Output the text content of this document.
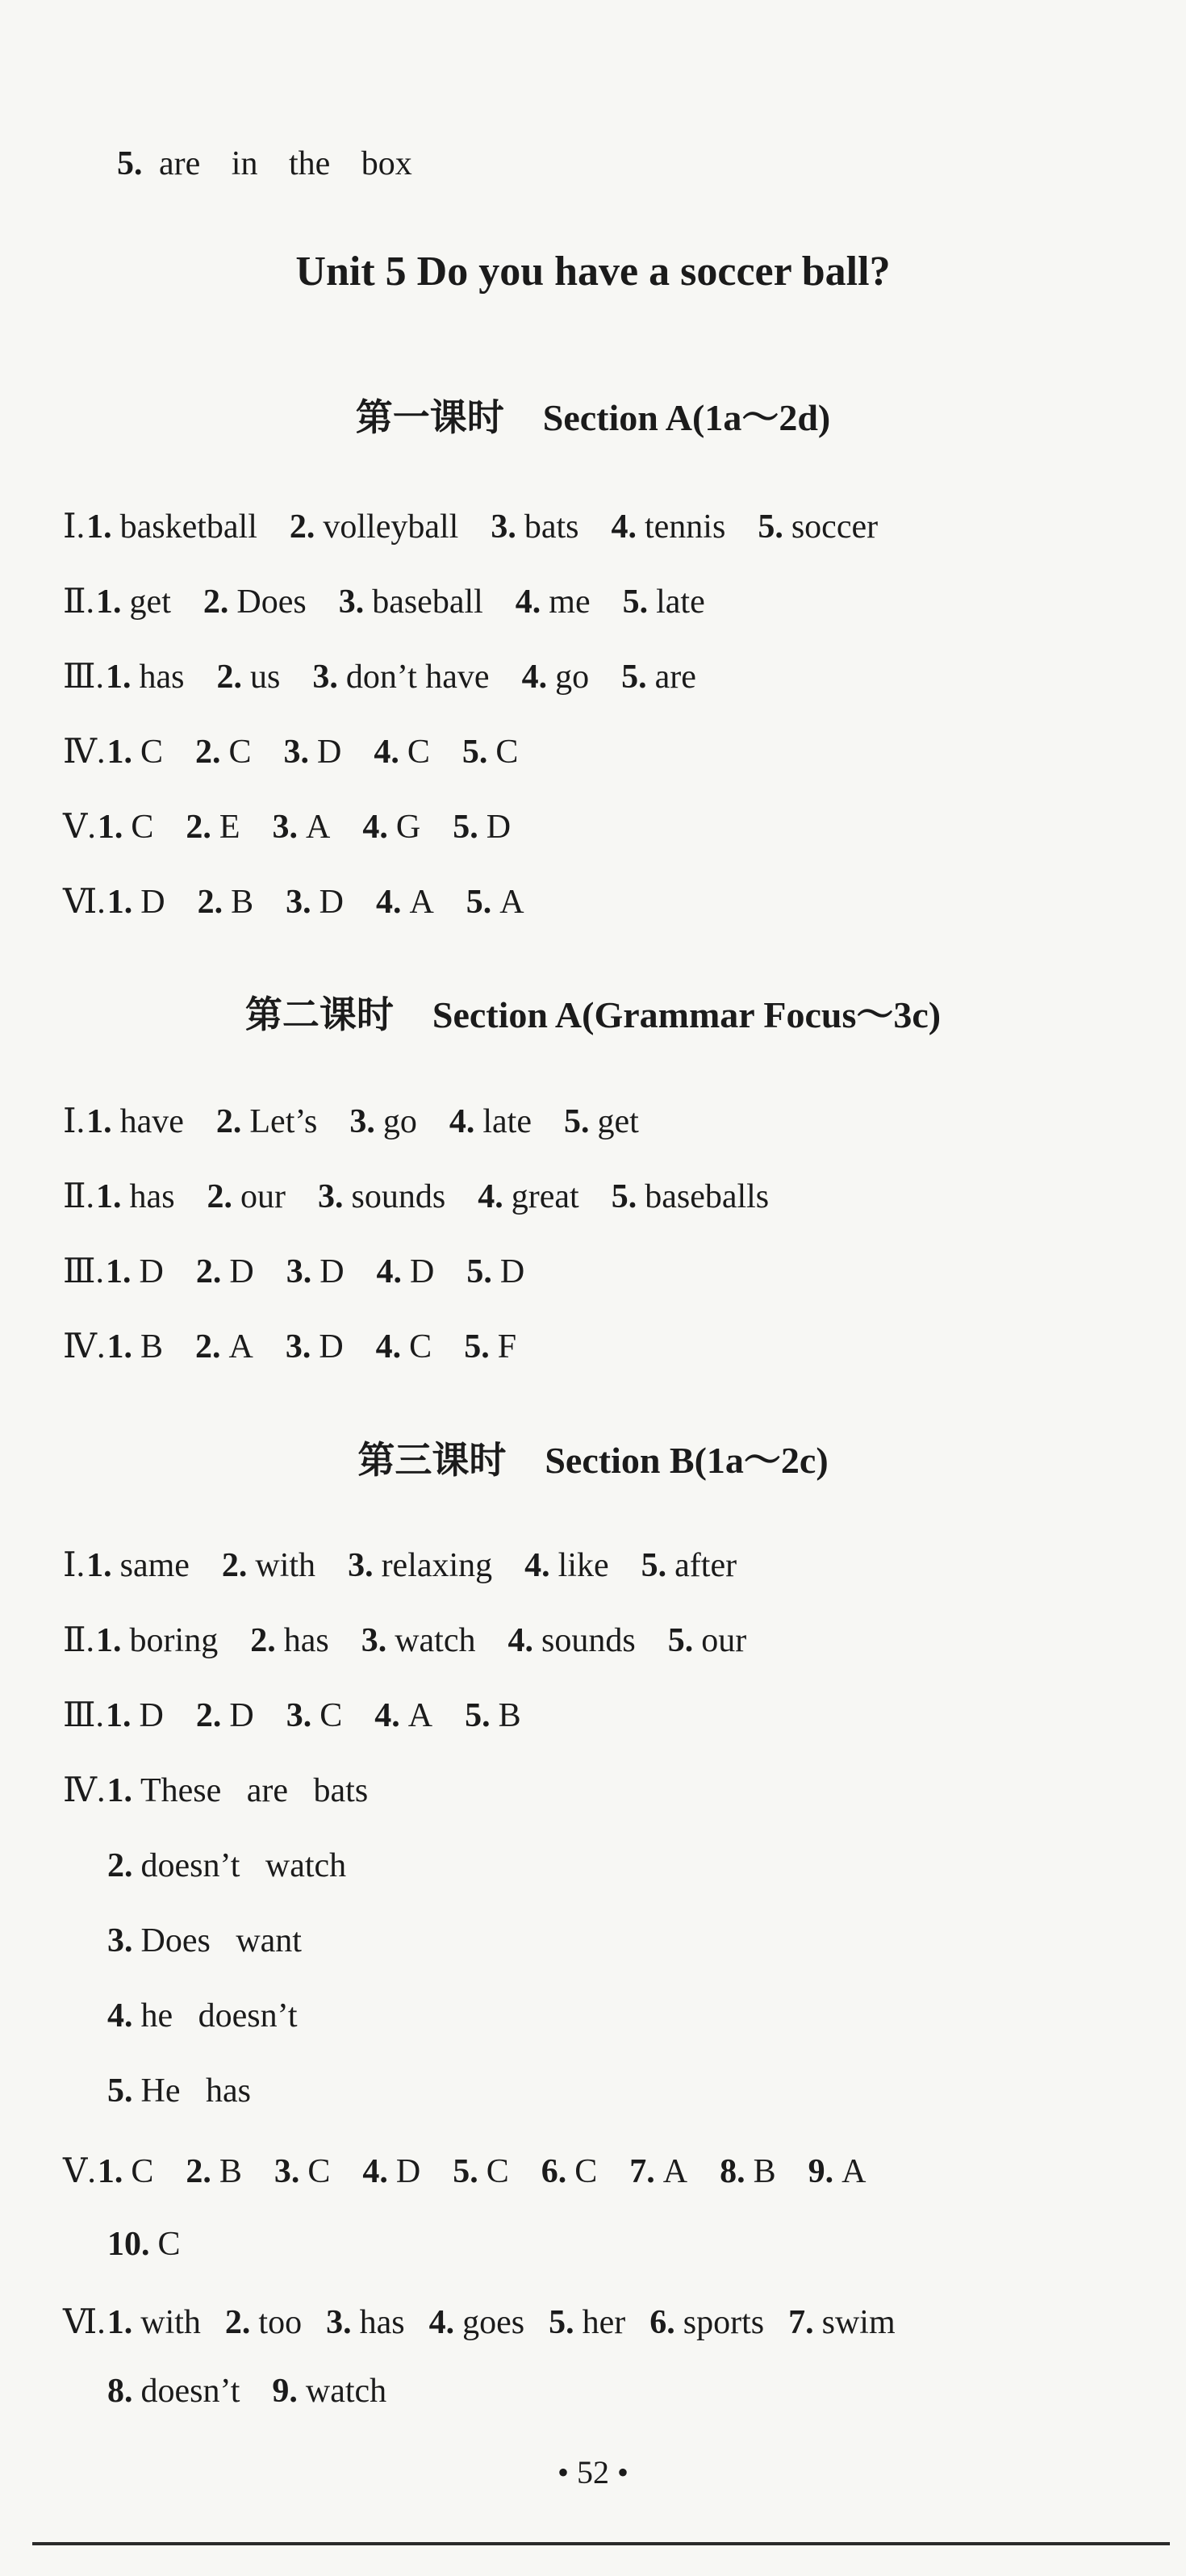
5. are in the box
Unit 5 Do you have a soccer ball?
第一课时 Section A(1a～2d)
Ⅰ.1. basketball 2. volleyball 3. bats 4. tennis 5. soccer
Ⅱ.1. get 2. Does 3. baseball 4. me 5. late
Ⅲ.1. has 2. us 3. don’t have 4. go 5. are
Ⅳ.1. C 2. C 3. D 4. C 5. C
Ⅴ.1. C 2. E 3. A 4. G 5. D
Ⅵ.1. D 2. B 3. D 4. A 5. A
第二课时 Section A(Grammar Focus～3c)
Ⅰ.1. have 2. Let’s 3. go 4. late 5. get
Ⅱ.1. has 2. our 3. sounds 4. great 5. baseballs
Ⅲ.1. D 2. D 3. D 4. D 5. D
Ⅳ.1. B 2. A 3. D 4. C 5. F
第三课时 Section B(1a～2c)
Ⅰ.1. same 2. with 3. relaxing 4. like 5. after
Ⅱ.1. boring 2. has 3. watch 4. sounds 5. our
Ⅲ.1. D 2. D 3. C 4. A 5. B
Ⅳ.1. These   are   bats
2. doesn’t   watch
3. Does   want
4. he   doesn’t
5. He   has
Ⅴ.1. C 2. B 3. C 4. D 5. C 6. C 7. A 8. B 9. A
10. C
Ⅵ.1. with 2. too 3. has 4. goes 5. her 6. sports 7. swim
• 52 •
8. doesn’t 9. watch
